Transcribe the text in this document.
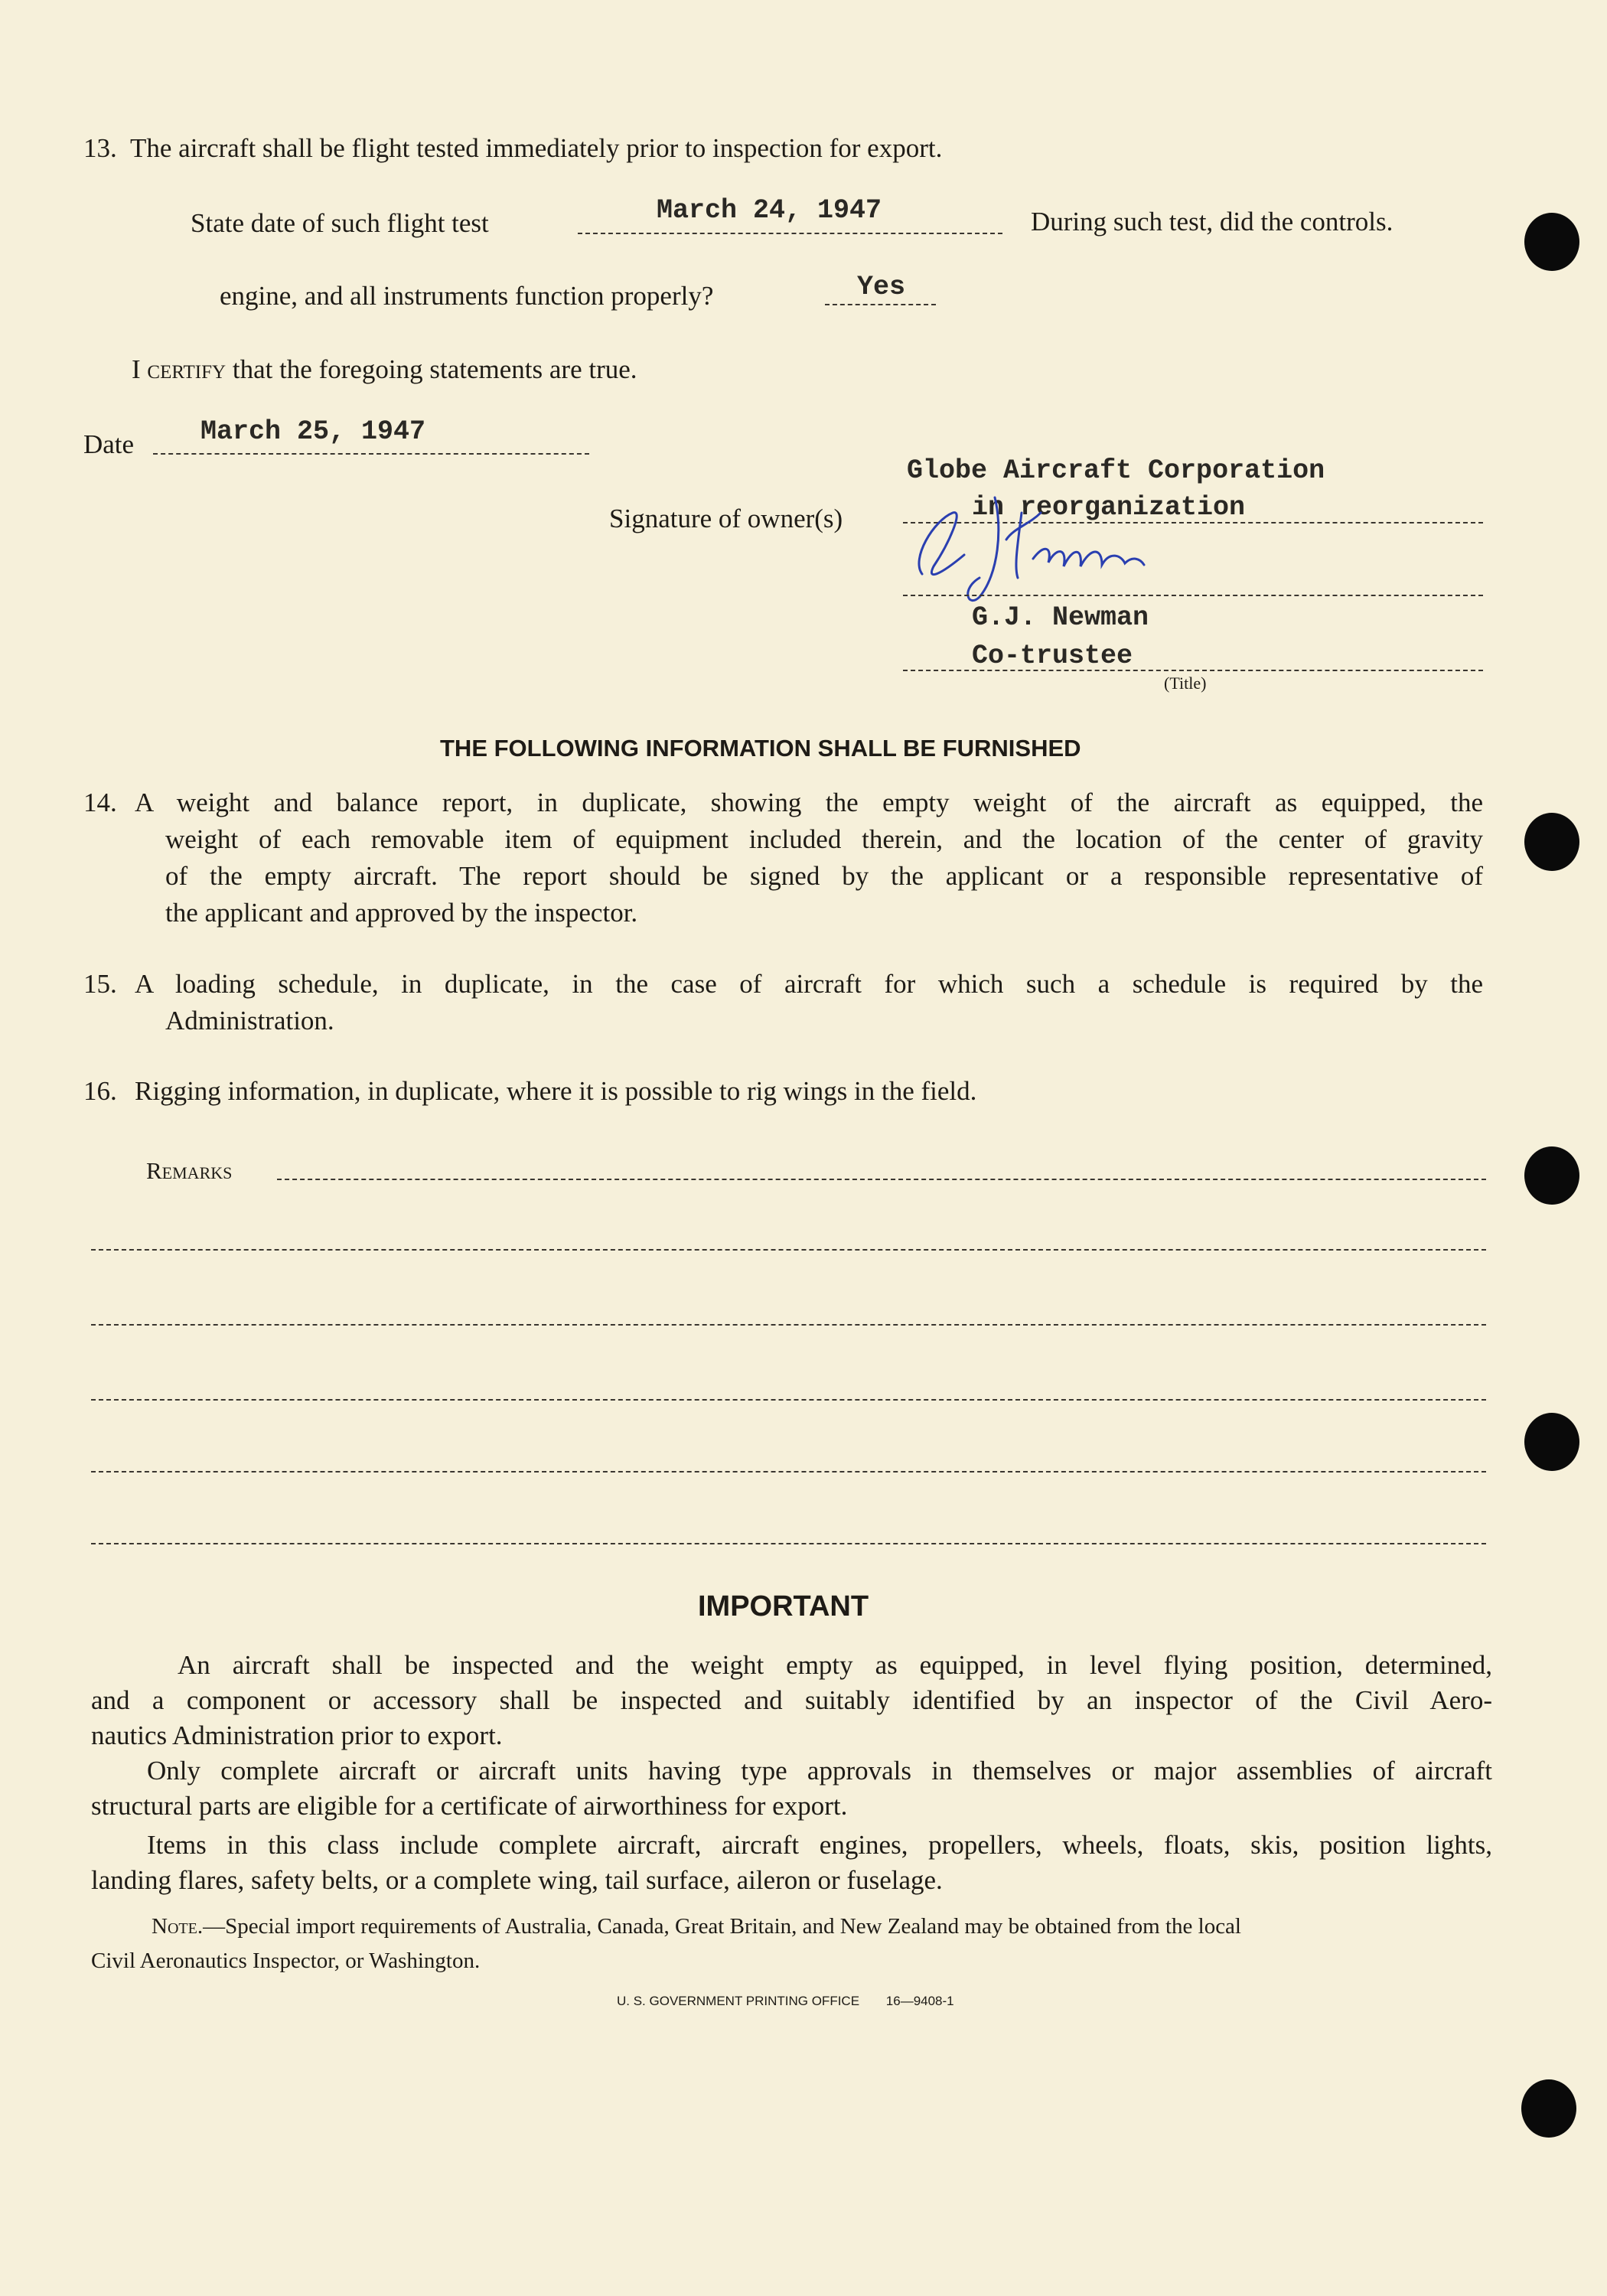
13. The aircraft shall be flight tested immediately prior to inspection for export.
State date of such flight test	March 24, 1947	During such test, did the controls.
engine, and all instruments function properly?	Yes
I certify that the foregoing statements are true.
Date March 25, 1947
Globe Aircraft Corporation
Signature of owner(s)	in reorganization
G.J. Newman
Co-trustee
(Title)
THE FOLLOWING INFORMATION SHALL BE FURNISHED
14. A weight and balance report, in duplicate, showing the empty weight of the aircraft as equipped, the
weight of each removable item of equipment included therein, and the location of the center of gravity
of the empty aircraft. The report should be signed by the applicant or a responsible representative of
the applicant and approved by the inspector.
15. A loading schedule, in duplicate, in the case of aircraft for which such a schedule is required by the
Administration.
16. Rigging information, in duplicate, where it is possible to rig wings in the field.
Remarks
IMPORTANT
An aircraft shall be inspected and the weight empty as equipped, in level flying position, determined,
and a component or accessory shall be inspected and suitably identified by an inspector of the Civil Aero-
nautics Administration prior to export.
Only complete aircraft or aircraft units having type approvals in themselves or major assemblies of aircraft
structural parts are eligible for a certificate of airworthiness for export.
Items in this class include complete aircraft, aircraft engines, propellers, wheels, floats, skis, position lights,
landing flares, safety belts, or a complete wing, tail surface, aileron or fuselage.
Note.—Special import requirements of Australia, Canada, Great Britain, and New Zealand may be obtained from the local
Civil Aeronautics Inspector, or Washington.
U. S. GOVERNMENT PRINTING OFFICE 16—9408-1
